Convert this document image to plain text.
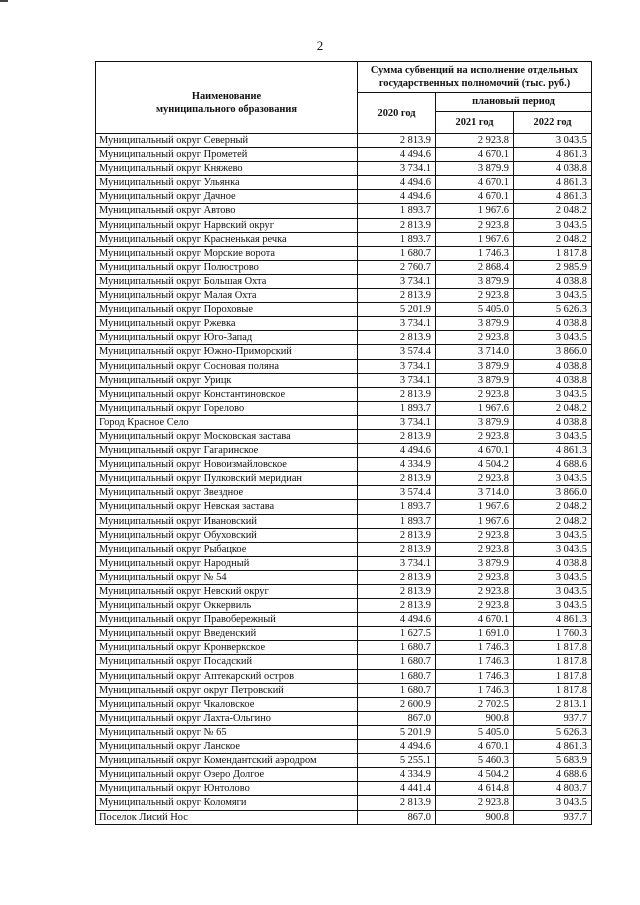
2
Наименование
муниципального образования	Сумма субвенций на исполнение отдельных государственных полномочий (тыс. руб.)		
	2020 год	плановый период	
		2021 год	2022 год
Муниципальный округ Северный	2 813.9	2 923.8	3 043.5
Муниципальный округ Прометей	4 494.6	4 670.1	4 861.3
Муниципальный округ Княжево	3 734.1	3 879.9	4 038.8
Муниципальный округ Ульянка	4 494.6	4 670.1	4 861.3
Муниципальный округ Дачное	4 494.6	4 670.1	4 861.3
Муниципальный округ Автово	1 893.7	1 967.6	2 048.2
Муниципальный округ Нарвский округ	2 813.9	2 923.8	3 043.5
Муниципальный округ Красненькая речка	1 893.7	1 967.6	2 048.2
Муниципальный округ Морские ворота	1 680.7	1 746.3	1 817.8
Муниципальный округ Полюстрово	2 760.7	2 868.4	2 985.9
Муниципальный округ Большая Охта	3 734.1	3 879.9	4 038.8
Муниципальный округ Малая Охта	2 813.9	2 923.8	3 043.5
Муниципальный округ Пороховые	5 201.9	5 405.0	5 626.3
Муниципальный округ Ржевка	3 734.1	3 879.9	4 038.8
Муниципальный округ Юго-Запад	2 813.9	2 923.8	3 043.5
Муниципальный округ Южно-Приморский	3 574.4	3 714.0	3 866.0
Муниципальный округ Сосновая поляна	3 734.1	3 879.9	4 038.8
Муниципальный округ Урицк	3 734.1	3 879.9	4 038.8
Муниципальный округ Константиновское	2 813.9	2 923.8	3 043.5
Муниципальный округ Горелово	1 893.7	1 967.6	2 048.2
Город Красное Село	3 734.1	3 879.9	4 038.8
Муниципальный округ Московская застава	2 813.9	2 923.8	3 043.5
Муниципальный округ Гагаринское	4 494.6	4 670.1	4 861.3
Муниципальный округ Новоизмайловское	4 334.9	4 504.2	4 688.6
Муниципальный округ Пулковский меридиан	2 813.9	2 923.8	3 043.5
Муниципальный округ Звездное	3 574.4	3 714.0	3 866.0
Муниципальный округ Невская застава	1 893.7	1 967.6	2 048.2
Муниципальный округ Ивановский	1 893.7	1 967.6	2 048.2
Муниципальный округ Обуховский	2 813.9	2 923.8	3 043.5
Муниципальный округ Рыбацкое	2 813.9	2 923.8	3 043.5
Муниципальный округ Народный	3 734.1	3 879.9	4 038.8
Муниципальный округ № 54	2 813.9	2 923.8	3 043.5
Муниципальный округ Невский округ	2 813.9	2 923.8	3 043.5
Муниципальный округ Оккервиль	2 813.9	2 923.8	3 043.5
Муниципальный округ Правобережный	4 494.6	4 670.1	4 861.3
Муниципальный округ Введенский	1 627.5	1 691.0	1 760.3
Муниципальный округ Кронверкское	1 680.7	1 746.3	1 817.8
Муниципальный округ Посадский	1 680.7	1 746.3	1 817.8
Муниципальный округ Аптекарский остров	1 680.7	1 746.3	1 817.8
Муниципальный округ округ Петровский	1 680.7	1 746.3	1 817.8
Муниципальный округ Чкаловское	2 600.9	2 702.5	2 813.1
Муниципальный округ Лахта-Ольгино	867.0	900.8	937.7
Муниципальный округ № 65	5 201.9	5 405.0	5 626.3
Муниципальный округ Ланское	4 494.6	4 670.1	4 861.3
Муниципальный округ Комендантский аэродром	5 255.1	5 460.3	5 683.9
Муниципальный округ Озеро Долгое	4 334.9	4 504.2	4 688.6
Муниципальный округ Юнтолово	4 441.4	4 614.8	4 803.7
Муниципальный округ Коломяги	2 813.9	2 923.8	3 043.5
Поселок Лисий Нос	867.0	900.8	937.7
